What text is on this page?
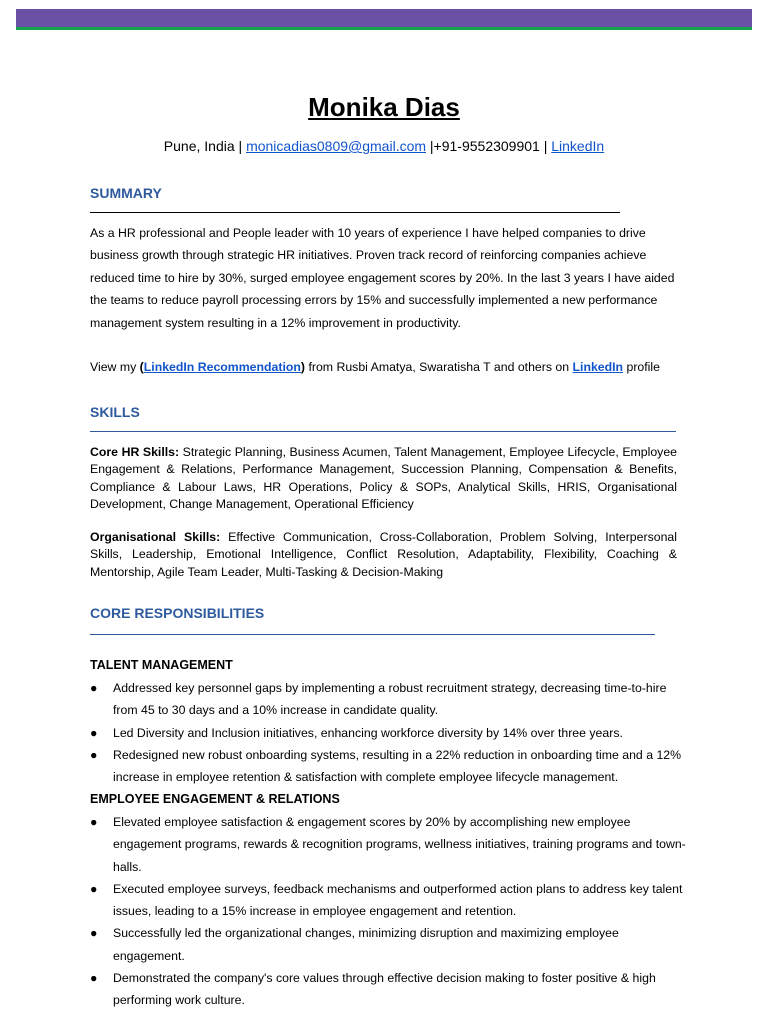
Monika Dias
Pune, India | monicadias0809@gmail.com |+91-9552309901 | LinkedIn
SUMMARY
As a HR professional and People leader with 10 years of experience I have helped companies to drive business growth through strategic HR initiatives. Proven track record of reinforcing companies achieve reduced time to hire by 30%, surged employee engagement scores by 20%. In the last 3 years I have aided the teams to reduce payroll processing errors by 15% and successfully implemented a new performance management system resulting in a 12% improvement in productivity.
View my (LinkedIn Recommendation) from Rusbi Amatya, Swaratisha T and others on LinkedIn profile
SKILLS
Core HR Skills: Strategic Planning, Business Acumen, Talent Management, Employee Lifecycle, Employee Engagement & Relations, Performance Management, Succession Planning, Compensation & Benefits, Compliance & Labour Laws, HR Operations, Policy & SOPs, Analytical Skills, HRIS, Organisational Development, Change Management, Operational Efficiency
Organisational Skills: Effective Communication, Cross-Collaboration, Problem Solving, Interpersonal Skills, Leadership, Emotional Intelligence, Conflict Resolution, Adaptability, Flexibility, Coaching & Mentorship, Agile Team Leader, Multi-Tasking & Decision-Making
CORE RESPONSIBILITIES
TALENT MANAGEMENT
● Addressed key personnel gaps by implementing a robust recruitment strategy, decreasing time-to-hire from 45 to 30 days and a 10% increase in candidate quality.
● Led Diversity and Inclusion initiatives, enhancing workforce diversity by 14% over three years.
● Redesigned new robust onboarding systems, resulting in a 22% reduction in onboarding time and a 12% increase in employee retention & satisfaction with complete employee lifecycle management.
EMPLOYEE ENGAGEMENT & RELATIONS
● Elevated employee satisfaction & engagement scores by 20% by accomplishing new employee engagement programs, rewards & recognition programs, wellness initiatives, training programs and town-halls.
● Executed employee surveys, feedback mechanisms and outperformed action plans to address key talent issues, leading to a 15% increase in employee engagement and retention.
● Successfully led the organizational changes, minimizing disruption and maximizing employee engagement.
● Demonstrated the company's core values through effective decision making to foster positive & high performing work culture.
